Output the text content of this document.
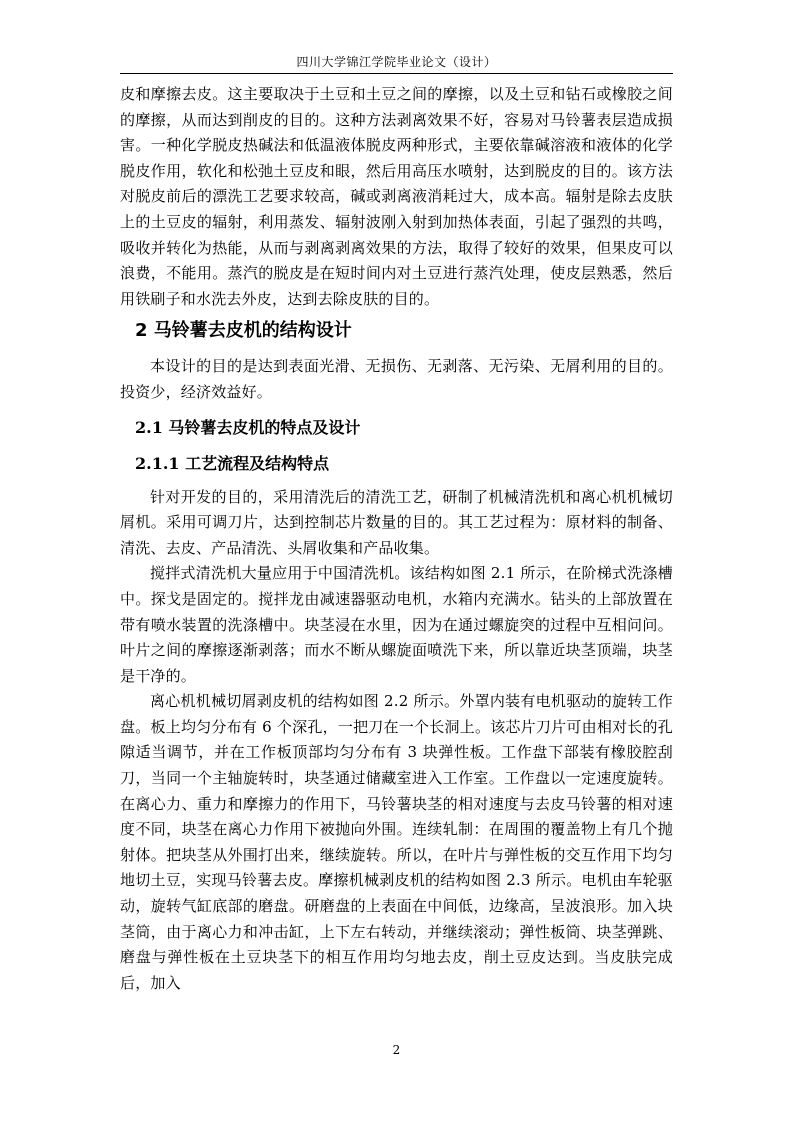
四川大学锦江学院毕业论文（设计）

皮和摩擦去皮。这主要取决于土豆和土豆之间的摩擦，以及土豆和钻石或橡胶之间的摩擦，从而达到削皮的目的。这种方法剥离效果不好，容易对马铃薯表层造成损害。一种化学脱皮热碱法和低温液体脱皮两种形式，主要依靠碱溶液和液体的化学脱皮作用，软化和松弛土豆皮和眼，然后用高压水喷射，达到脱皮的目的。该方法对脱皮前后的漂洗工艺要求较高，碱或剥离液消耗过大，成本高。辐射是除去皮肤上的土豆皮的辐射，利用蒸发、辐射波刚入射到加热体表面，引起了强烈的共鸣，吸收并转化为热能，从而与剥离剥离效果的方法，取得了较好的效果，但果皮可以浪费，不能用。蒸汽的脱皮是在短时间内对土豆进行蒸汽处理，使皮层熟悉，然后用铁刷子和水洗去外皮，达到去除皮肤的目的。

2 马铃薯去皮机的结构设计

本设计的目的是达到表面光滑、无损伤、无剥落、无污染、无屑利用的目的。投资少，经济效益好。

2.1 马铃薯去皮机的特点及设计
2.1.1 工艺流程及结构特点

针对开发的目的，采用清洗后的清洗工艺，研制了机械清洗机和离心机机械切屑机。采用可调刀片，达到控制芯片数量的目的。其工艺过程为：原材料的制备、清洗、去皮、产品清洗、头屑收集和产品收集。

搅拌式清洗机大量应用于中国清洗机。该结构如图 2.1 所示，在阶梯式洗涤槽中。探戈是固定的。搅拌龙由减速器驱动电机，水箱内充满水。钻头的上部放置在带有喷水装置的洗涤槽中。块茎浸在水里，因为在通过螺旋突的过程中互相问问。叶片之间的摩擦逐渐剥落；而水不断从螺旋面喷洗下来，所以靠近块茎顶端，块茎是干净的。

离心机机械切屑剥皮机的结构如图 2.2 所示。外罩内装有电机驱动的旋转工作盘。板上均匀分布有 6 个深孔，一把刀在一个长洞上。该芯片刀片可由相对长的孔隙适当调节，并在工作板顶部均匀分布有 3 块弹性板。工作盘下部装有橡胶腔刮刀，当同一个主轴旋转时，块茎通过储藏室进入工作室。工作盘以一定速度旋转。在离心力、重力和摩擦力的作用下，马铃薯块茎的相对速度与去皮马铃薯的相对速度不同，块茎在离心力作用下被抛向外围。连续轧制：在周围的覆盖物上有几个抛射体。把块茎从外围打出来，继续旋转。所以，在叶片与弹性板的交互作用下均匀地切土豆，实现马铃薯去皮。摩擦机械剥皮机的结构如图 2.3 所示。电机由车轮驱动，旋转气缸底部的磨盘。研磨盘的上表面在中间低，边缘高，呈波浪形。加入块茎筒，由于离心力和冲击缸，上下左右转动，并继续滚动；弹性板筒、块茎弹跳、磨盘与弹性板在土豆块茎下的相互作用均匀地去皮，削土豆皮达到。当皮肤完成后，加入

2
